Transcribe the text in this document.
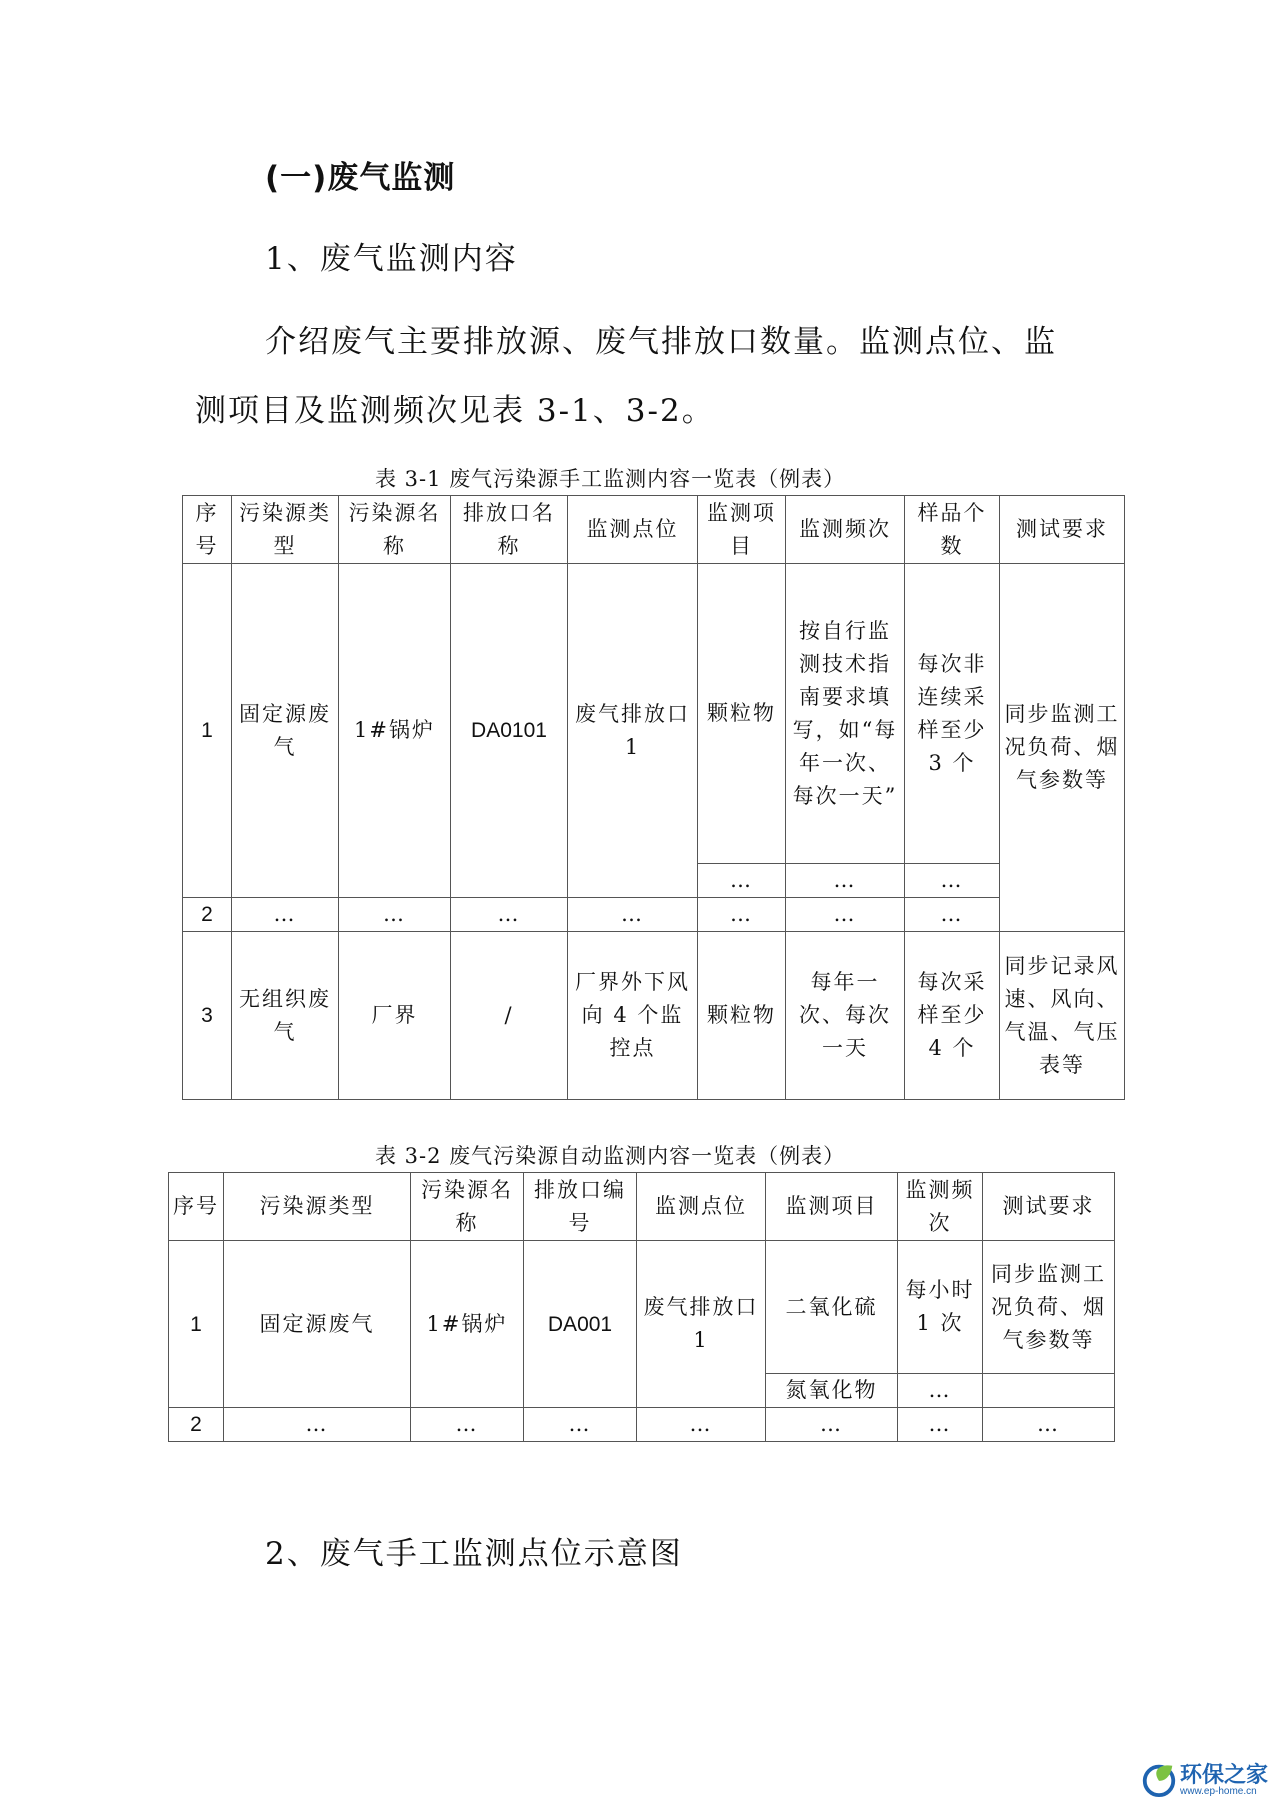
(一)废气监测
1、废气监测内容
介绍废气主要排放源、废气排放口数量。监测点位、监
测项目及监测频次见表 3-1、3-2。
表 3-1 废气污染源手工监测内容一览表（例表）
序号	污染源类型	污染源名称	排放口名称	监测点位	监测项目	监测频次	样品个数	测试要求
1	固定源废气	1#锅炉	DA0101	废气排放口 1	颗粒物	按自行监测技术指南要求填写，如“每年一次、每次一天”	每次非连续采样至少 3 个	同步监测工况负荷、烟气参数等
					…	…	…	
2	…	…	…	…	…	…	…	
3	无组织废气	厂界	/	厂界外下风向 4 个监控点	颗粒物	每年一次、每次一天	每次采样至少 4 个	同步记录风速、风向、气温、气压表等
表 3-2 废气污染源自动监测内容一览表（例表）
序号	污染源类型	污染源名称	排放口编号	监测点位	监测项目	监测频次	测试要求
1	固定源废气	1#锅炉	DA001	废气排放口 1	二氧化硫	每小时 1 次	同步监测工况负荷、烟气参数等
					氮氧化物	…	
2	…	…	…	…	…	…	…
2、废气手工监测点位示意图
环保之家
www.ep-home.cn
